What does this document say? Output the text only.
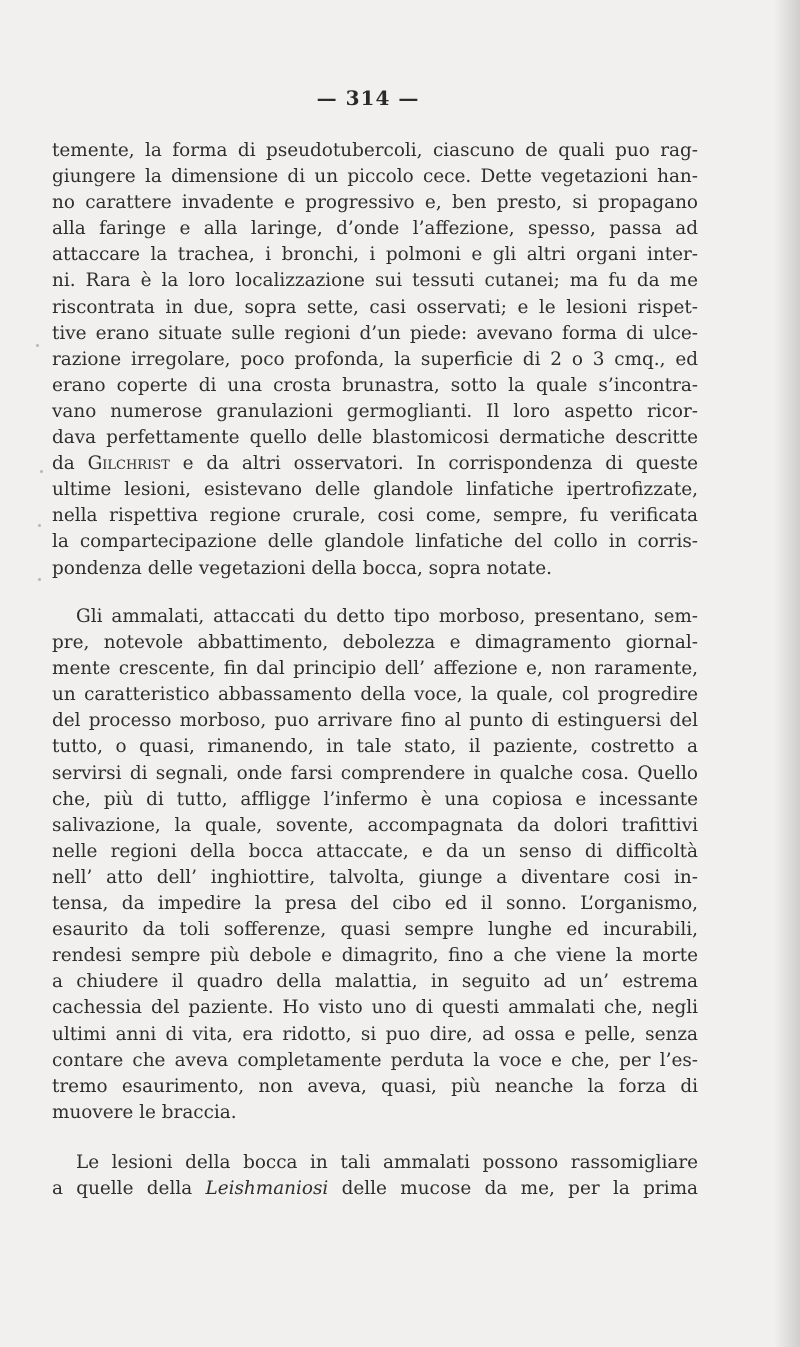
— 314 —
temente, la forma di pseudotubercoli, ciascuno de quali puo rag-
giungere la dimensione di un piccolo cece. Dette vegetazioni han-
no carattere invadente e progressivo e, ben presto, si propagano
alla faringe e alla laringe, d’onde l’affezione, spesso, passa ad
attaccare la trachea, i bronchi, i polmoni e gli altri organi inter-
ni. Rara è la loro localizzazione sui tessuti cutanei; ma fu da me
riscontrata in due, sopra sette, casi osservati; e le lesioni rispet-
tive erano situate sulle regioni d’un piede: avevano forma di ulce-
razione irregolare, poco profonda, la superficie di 2 o 3 cmq., ed
erano coperte di una crosta brunastra, sotto la quale s’incontra-
vano numerose granulazioni germoglianti. Il loro aspetto ricor-
dava perfettamente quello delle blastomicosi dermatiche descritte
da Gilchrist e da altri osservatori. In corrispondenza di queste
ultime lesioni, esistevano delle glandole linfatiche ipertrofizzate,
nella rispettiva regione crurale, cosi come, sempre, fu verificata
la compartecipazione delle glandole linfatiche del collo in corris-
pondenza delle vegetazioni della bocca, sopra notate.
Gli ammalati, attaccati du detto tipo morboso, presentano, sem-
pre, notevole abbattimento, debolezza e dimagramento giornal-
mente crescente, fin dal principio dell’ affezione e, non raramente,
un caratteristico abbassamento della voce, la quale, col progredire
del processo morboso, puo arrivare fino al punto di estinguersi del
tutto, o quasi, rimanendo, in tale stato, il paziente, costretto a
servirsi di segnali, onde farsi comprendere in qualche cosa. Quello
che, più di tutto, affligge l’infermo è una copiosa e incessante
salivazione, la quale, sovente, accompagnata da dolori trafittivi
nelle regioni della bocca attaccate, e da un senso di difficoltà
nell’ atto dell’ inghiottire, talvolta, giunge a diventare cosi in-
tensa, da impedire la presa del cibo ed il sonno. L’organismo,
esaurito da toli sofferenze, quasi sempre lunghe ed incurabili,
rendesi sempre più debole e dimagrito, fino a che viene la morte
a chiudere il quadro della malattia, in seguito ad un’ estrema
cachessia del paziente. Ho visto uno di questi ammalati che, negli
ultimi anni di vita, era ridotto, si puo dire, ad ossa e pelle, senza
contare che aveva completamente perduta la voce e che, per l’es-
tremo esaurimento, non aveva, quasi, più neanche la forza di
muovere le braccia.
Le lesioni della bocca in tali ammalati possono rassomigliare
a quelle della Leishmaniosi delle mucose da me, per la prima
